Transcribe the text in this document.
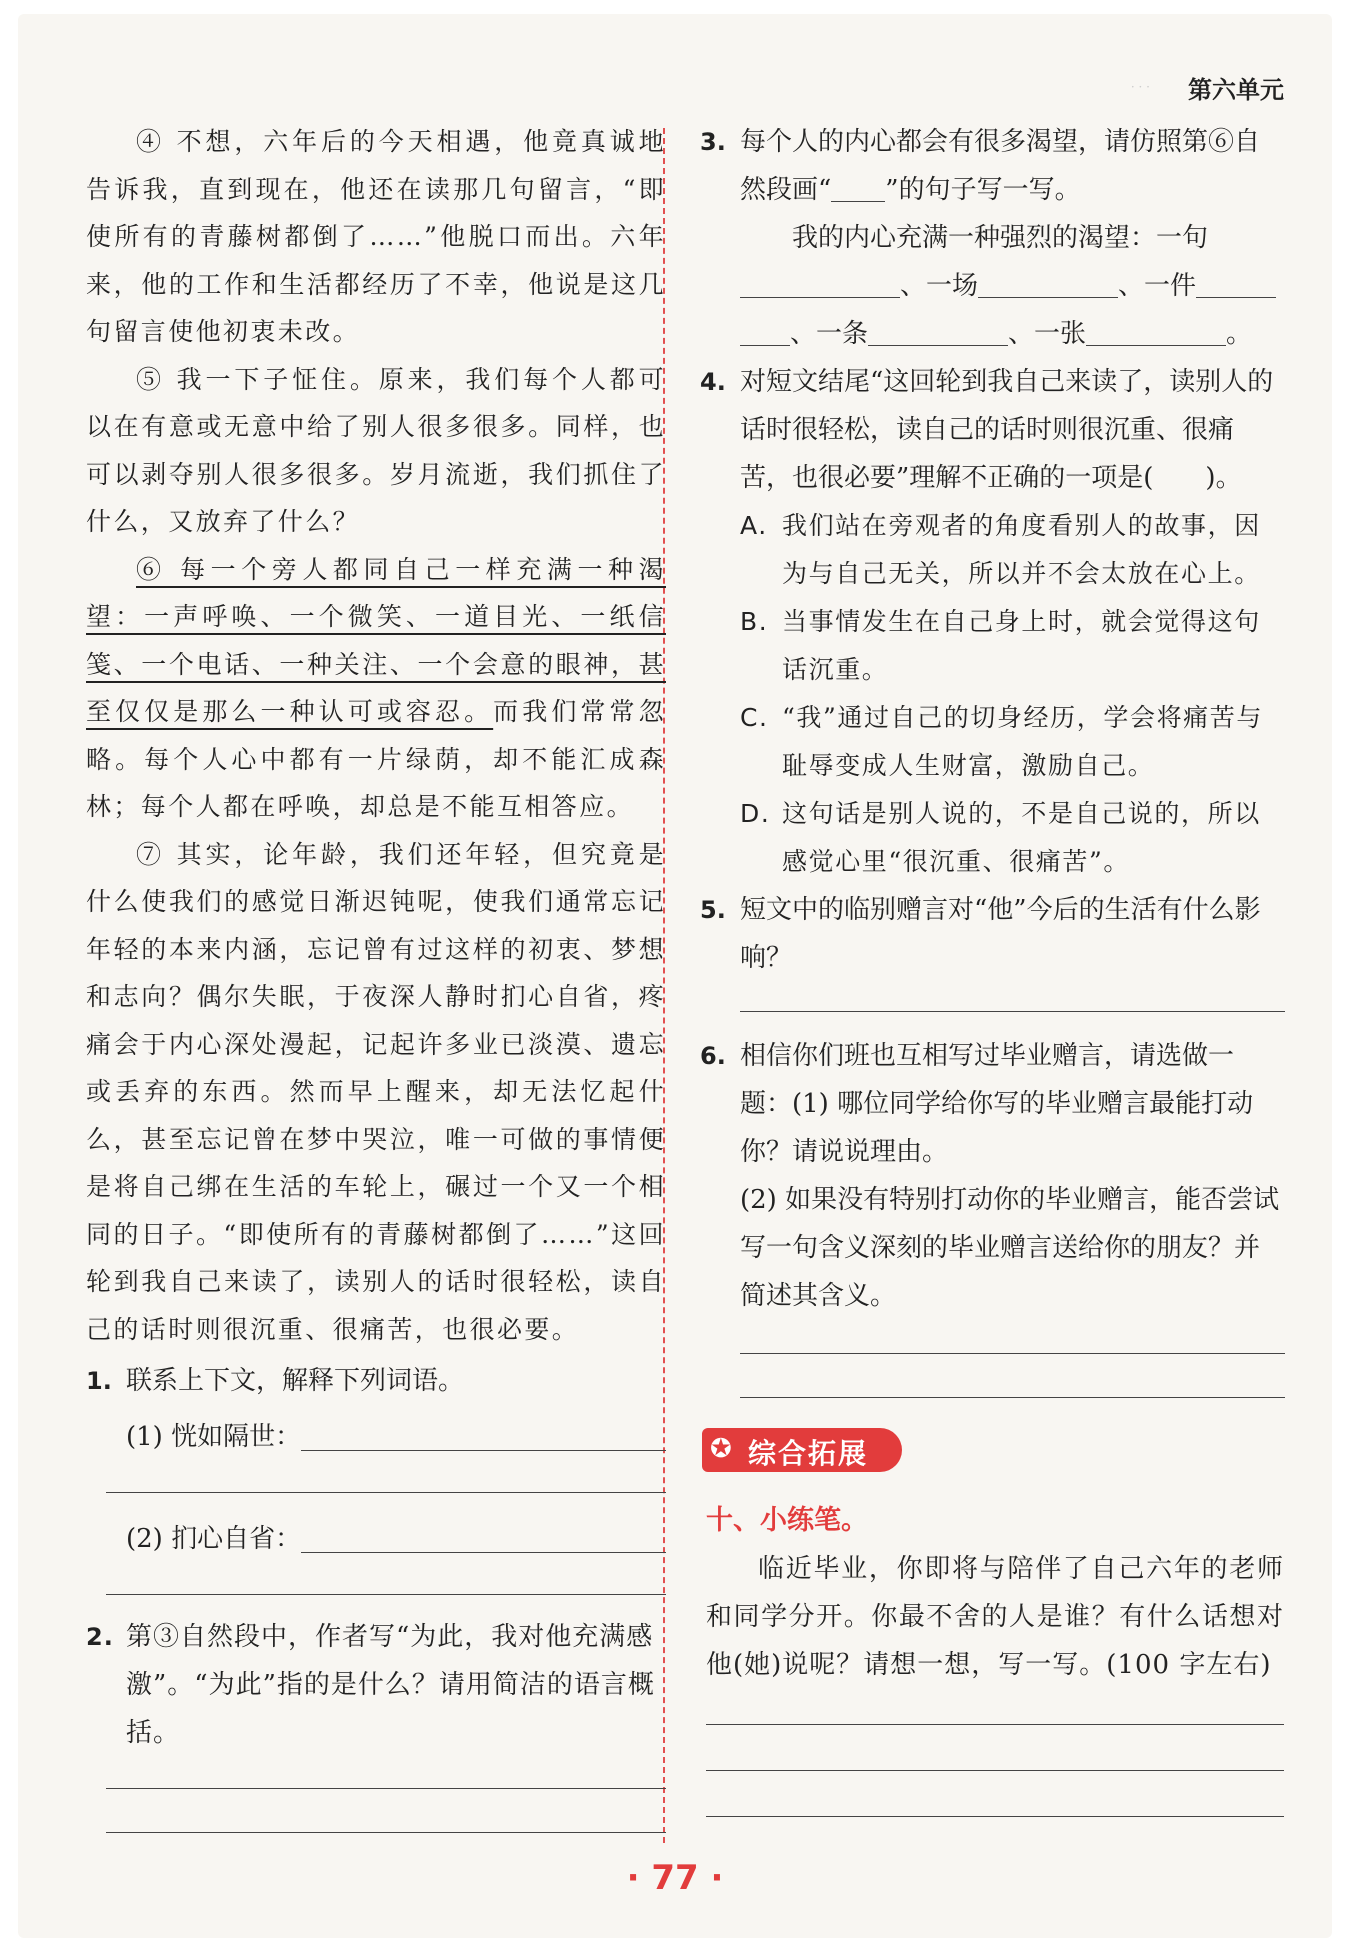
· · · 第六单元

④ 不想，六年后的今天相遇，他竟真诚地告诉我，直到现在，他还在读那几句留言，“即使所有的青藤树都倒了……”他脱口而出。六年来，他的工作和生活都经历了不幸，他说是这几句留言使他初衷未改。

⑤ 我一下子怔住。原来，我们每个人都可以在有意或无意中给了别人很多很多。同样，也可以剥夺别人很多很多。岁月流逝，我们抓住了什么，又放弃了什么？

⑥ 每一个旁人都同自己一样充满一种渴望：一声呼唤、一个微笑、一道目光、一纸信笺、一个电话、一种关注、一个会意的眼神，甚至仅仅是那么一种认可或容忍。而我们常常忽略。每个人心中都有一片绿荫，却不能汇成森林；每个人都在呼唤，却总是不能互相答应。

⑦ 其实，论年龄，我们还年轻，但究竟是什么使我们的感觉日渐迟钝呢，使我们通常忘记年轻的本来内涵，忘记曾有过这样的初衷、梦想和志向？偶尔失眠，于夜深人静时扪心自省，疼痛会于内心深处漫起，记起许多业已淡漠、遗忘或丢弃的东西。然而早上醒来，却无法忆起什么，甚至忘记曾在梦中哭泣，唯一可做的事情便是将自己绑在生活的车轮上，碾过一个又一个相同的日子。“即使所有的青藤树都倒了……”这回轮到我自己来读了，读别人的话时很轻松，读自己的话时则很沉重、很痛苦，也很必要。

1. 联系上下文，解释下列词语。
(1) 恍如隔世：
(2) 扪心自省：
2. 第③自然段中，作者写“为此，我对他充满感激”。“为此”指的是什么？请用简洁的语言概括。
3. 每个人的内心都会有很多渴望，请仿照第⑥自然段画“ ”的句子写一写。
我的内心充满一种强烈的渴望：一句
、一场	、一件
、一条	、一张	。
4. 对短文结尾“这回轮到我自己来读了，读别人的话时很轻松，读自己的话时则很沉重、很痛苦，也很必要”理解不正确的一项是(　　)。
A. 我们站在旁观者的角度看别人的故事，因为与自己无关，所以并不会太放在心上。
B. 当事情发生在自己身上时，就会觉得这句话沉重。
C. “我”通过自己的切身经历，学会将痛苦与耻辱变成人生财富，激励自己。
D. 这句话是别人说的，不是自己说的，所以感觉心里“很沉重、很痛苦”。
5. 短文中的临别赠言对“他”今后的生活有什么影响？
6. 相信你们班也互相写过毕业赠言，请选做一题：(1) 哪位同学给你写的毕业赠言最能打动你？请说说理由。
(2) 如果没有特别打动你的毕业赠言，能否尝试写一句含义深刻的毕业赠言送给你的朋友？并简述其含义。
✪ 综合拓展
十、小练笔。

临近毕业，你即将与陪伴了自己六年的老师和同学分开。你最不舍的人是谁？有什么话想对他(她)说呢？请想一想，写一写。(100 字左右)

· 77 ·
